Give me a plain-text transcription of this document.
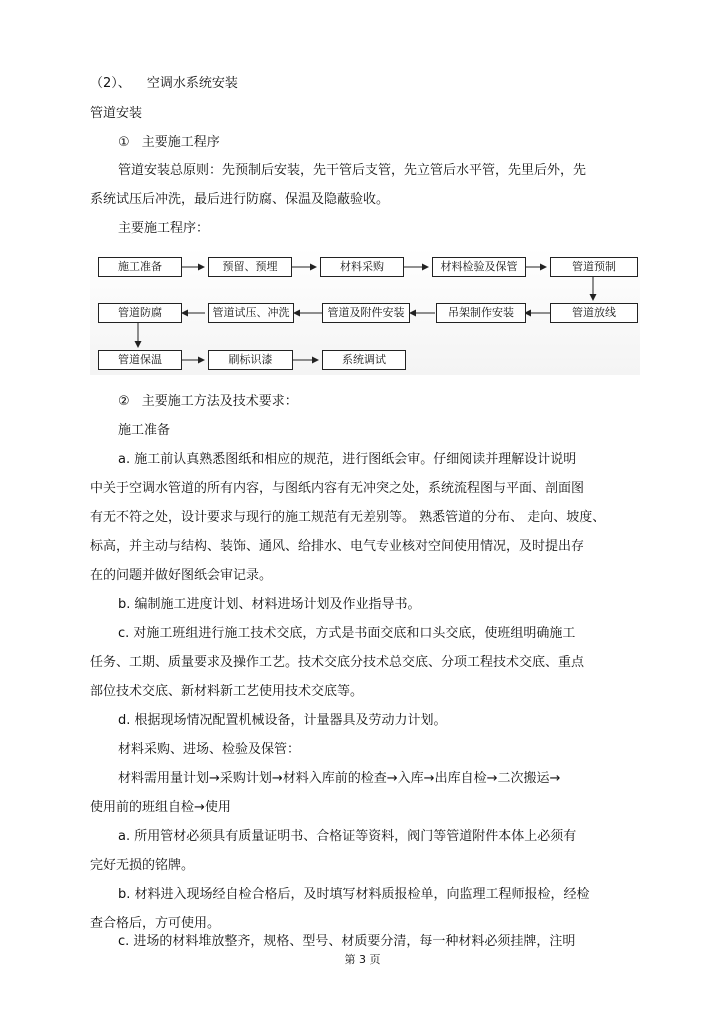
（2）、 空调水系统安装
管道安装
① 主要施工程序
管道安装总原则：先预制后安装，先干管后支管，先立管后水平管，先里后外，先
系统试压后冲洗，最后进行防腐、保温及隐蔽验收。
主要施工程序：
施工准备	预留、预埋	材料采购	材料检验及保管	管道预制
管道防腐	管道试压、冲洗	管道及附件安装	吊架制作安装	管道放线
管道保温	刷标识漆	系统调试
② 主要施工方法及技术要求：
施工准备
a. 施工前认真熟悉图纸和相应的规范，进行图纸会审。仔细阅读并理解设计说明
中关于空调水管道的所有内容，与图纸内容有无冲突之处，系统流程图与平面、剖面图
有无不符之处，设计要求与现行的施工规范有无差别等。 熟悉管道的分布、 走向、坡度、
标高，并主动与结构、装饰、通风、给排水、电气专业核对空间使用情况，及时提出存
在的问题并做好图纸会审记录。
b. 编制施工进度计划、材料进场计划及作业指导书。
c. 对施工班组进行施工技术交底，方式是书面交底和口头交底，使班组明确施工
任务、工期、质量要求及操作工艺。技术交底分技术总交底、分项工程技术交底、重点
部位技术交底、新材料新工艺使用技术交底等。
d. 根据现场情况配置机械设备，计量器具及劳动力计划。
材料采购、进场、检验及保管：
材料需用量计划→采购计划→材料入库前的检查→入库→出库自检→二次搬运→
使用前的班组自检→使用
a. 所用管材必须具有质量证明书、合格证等资料，阀门等管道附件本体上必须有
完好无损的铭牌。
b. 材料进入现场经自检合格后，及时填写材料质报检单，向监理工程师报检，经检
查合格后，方可使用。
c. 进场的材料堆放整齐，规格、型号、材质要分清，每一种材料必须挂牌，注明
第 3 页
